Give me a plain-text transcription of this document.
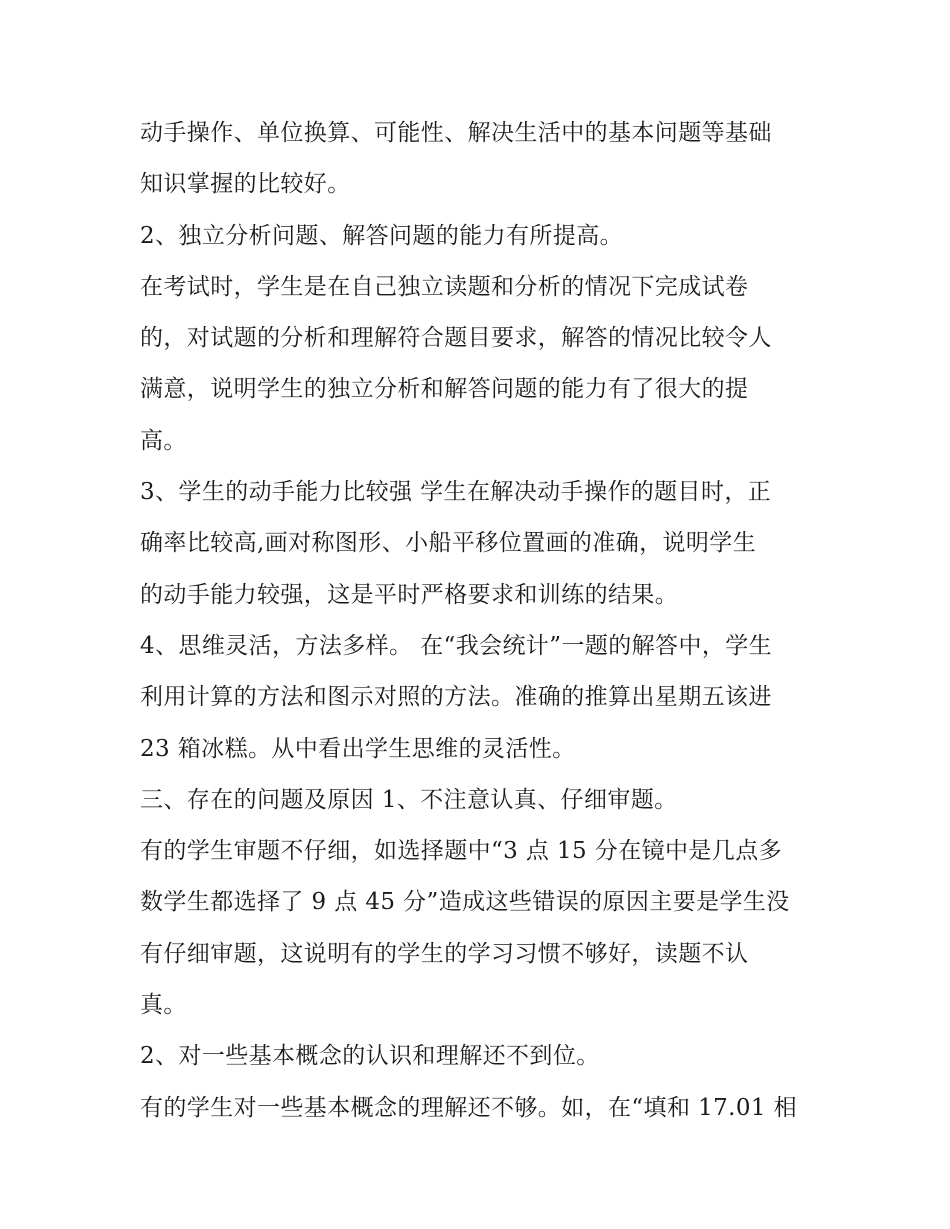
动手操作、单位换算、可能性、解决生活中的基本问题等基础
知识掌握的比较好。
2、独立分析问题、解答问题的能力有所提高。
在考试时，学生是在自己独立读题和分析的情况下完成试卷
的，对试题的分析和理解符合题目要求，解答的情况比较令人
满意，说明学生的独立分析和解答问题的能力有了很大的提
高。
3、学生的动手能力比较强 学生在解决动手操作的题目时，正
确率比较高,画对称图形、小船平移位置画的准确，说明学生
的动手能力较强，这是平时严格要求和训练的结果。
4、思维灵活，方法多样。 在“我会统计”一题的解答中，学生
利用计算的方法和图示对照的方法。准确的推算出星期五该进
23 箱冰糕。从中看出学生思维的灵活性。
三、存在的问题及原因 1、不注意认真、仔细审题。
有的学生审题不仔细，如选择题中“3 点 15 分在镜中是几点多
数学生都选择了 9 点 45 分”造成这些错误的原因主要是学生没
有仔细审题，这说明有的学生的学习习惯不够好，读题不认
真。
2、对一些基本概念的认识和理解还不到位。
有的学生对一些基本概念的理解还不够。如，在“填和 17.01 相
